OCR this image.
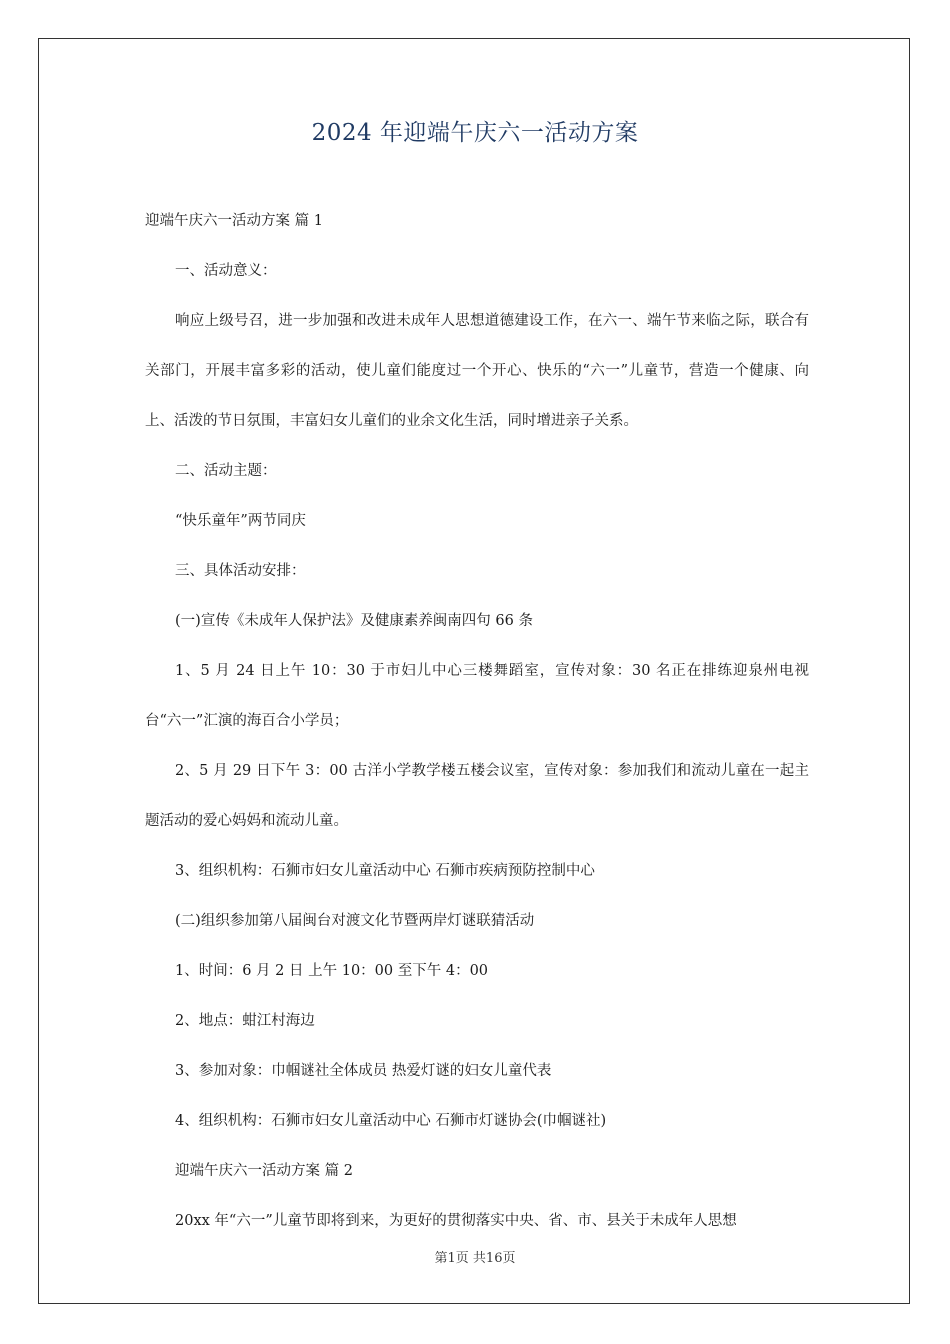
2024 年迎端午庆六一活动方案

迎端午庆六一活动方案 篇 1

一、活动意义：

响应上级号召，进一步加强和改进未成年人思想道德建设工作，在六一、端午节来临之际，联合有关部门，开展丰富多彩的活动，使儿童们能度过一个开心、快乐的“六一”儿童节，营造一个健康、向上、活泼的节日氛围，丰富妇女儿童们的业余文化生活，同时增进亲子关系。

二、活动主题：

“快乐童年”两节同庆

三、具体活动安排：

(一)宣传《未成年人保护法》及健康素养闽南四句 66 条

1、5 月 24 日上午 10：30 于市妇儿中心三楼舞蹈室，宣传对象：30 名正在排练迎泉州电视台“六一”汇演的海百合小学员；

2、5 月 29 日下午 3：00 古洋小学教学楼五楼会议室，宣传对象：参加我们和流动儿童在一起主题活动的爱心妈妈和流动儿童。

3、组织机构：石狮市妇女儿童活动中心 石狮市疾病预防控制中心

(二)组织参加第八届闽台对渡文化节暨两岸灯谜联猜活动

1、时间：6 月 2 日 上午 10：00 至下午 4：00

2、地点：蚶江村海边

3、参加对象：巾帼谜社全体成员 热爱灯谜的妇女儿童代表

4、组织机构：石狮市妇女儿童活动中心 石狮市灯谜协会(巾帼谜社)

迎端午庆六一活动方案 篇 2

20xx 年“六一”儿童节即将到来，为更好的贯彻落实中央、省、市、县关于未成年人思想

第1页 共16页
